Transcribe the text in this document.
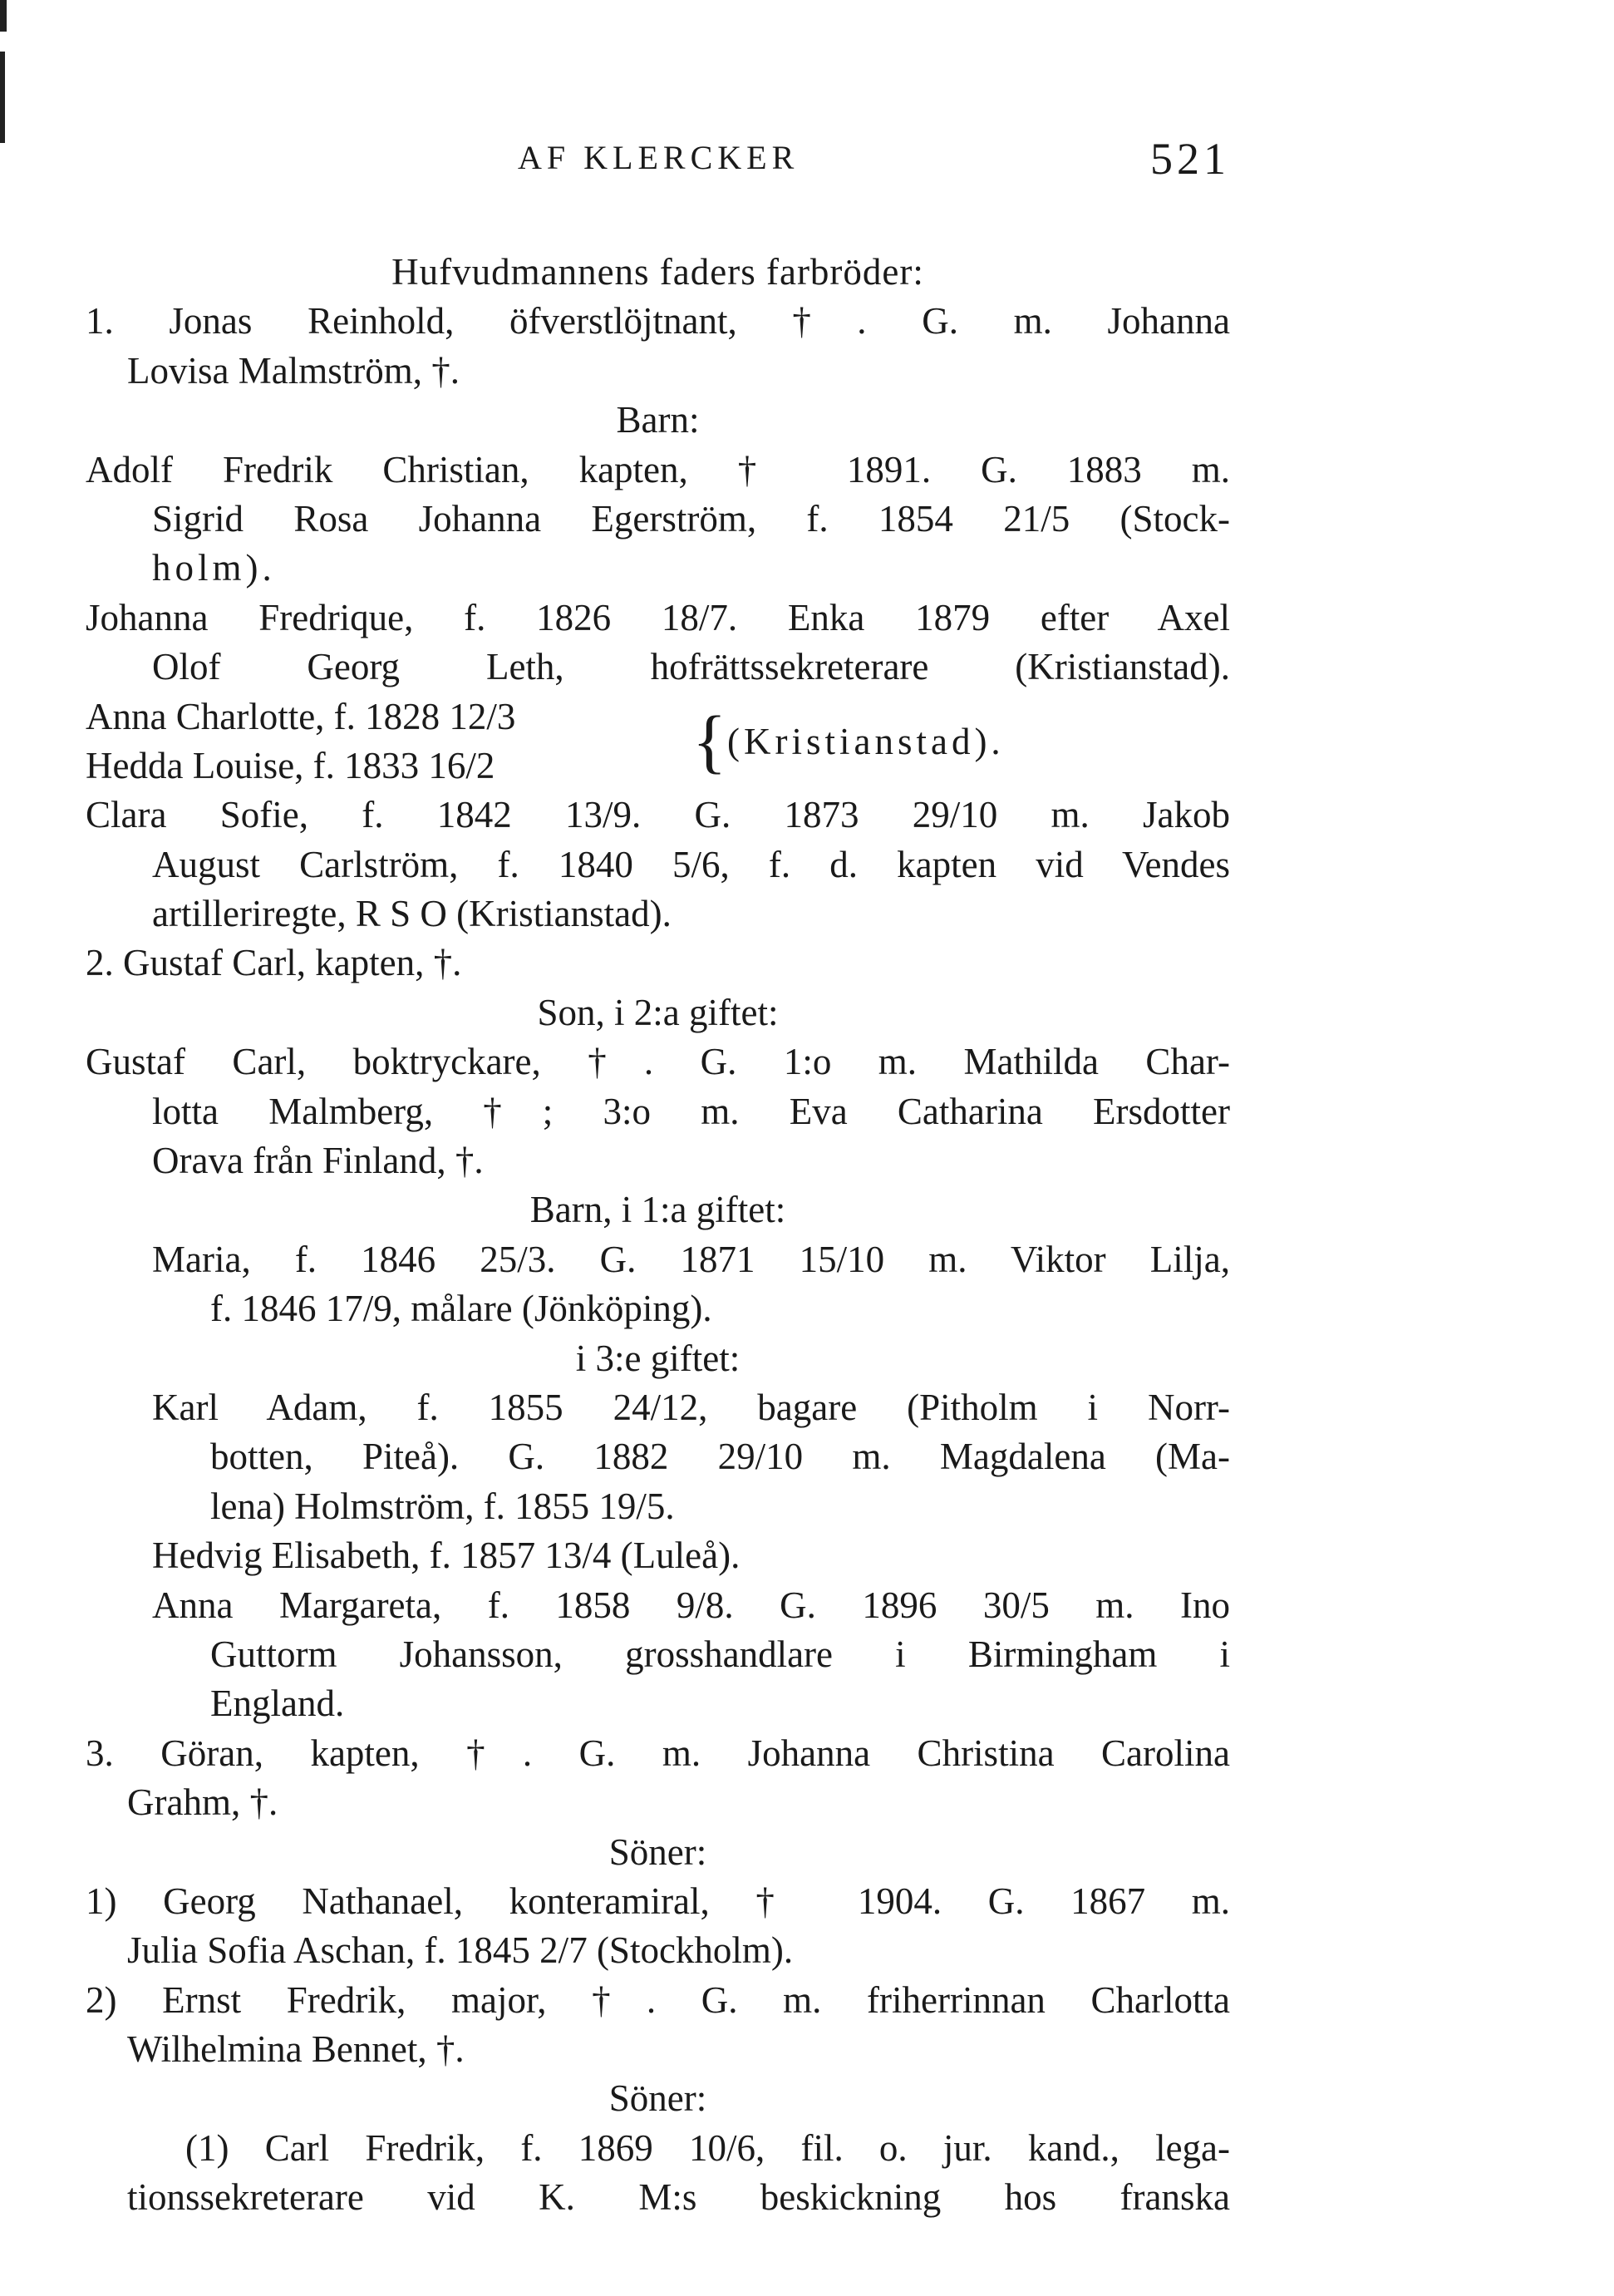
AF KLERCKER	521
Hufvudmannens faders farbröder:
1. Jonas Reinhold, öfverstlöjtnant, †. G. m. Johanna
Lovisa Malmström, †.
Barn:
Adolf Fredrik Christian, kapten, † 1891. G. 1883 m.
Sigrid Rosa Johanna Egerström, f. 1854 21/5 (Stock-
holm).
Johanna Fredrique, f. 1826 18/7. Enka 1879 efter Axel
Olof Georg Leth, hofrättssekreterare (Kristianstad).
Anna Charlotte, f. 1828 12/3
Hedda Louise, f. 1833 16/2	{ (Kristianstad).
Clara Sofie, f. 1842 13/9. G. 1873 29/10 m. Jakob
August Carlström, f. 1840 5/6, f. d. kapten vid Vendes
artilleriregte, R S O (Kristianstad).
2. Gustaf Carl, kapten, †.
Son, i 2:a giftet:
Gustaf Carl, boktryckare, †. G. 1:o m. Mathilda Char-
lotta Malmberg, †; 3:o m. Eva Catharina Ersdotter
Orava från Finland, †.
Barn, i 1:a giftet:
Maria, f. 1846 25/3. G. 1871 15/10 m. Viktor Lilja,
f. 1846 17/9, målare (Jönköping).
i 3:e giftet:
Karl Adam, f. 1855 24/12, bagare (Pitholm i Norr-
botten, Piteå). G. 1882 29/10 m. Magdalena (Ma-
lena) Holmström, f. 1855 19/5.
Hedvig Elisabeth, f. 1857 13/4 (Luleå).
Anna Margareta, f. 1858 9/8. G. 1896 30/5 m. Ino
Guttorm Johansson, grosshandlare i Birmingham i
England.
3. Göran, kapten, †. G. m. Johanna Christina Carolina
Grahm, †.
Söner:
1) Georg Nathanael, konteramiral, † 1904. G. 1867 m.
Julia Sofia Aschan, f. 1845 2/7 (Stockholm).
2) Ernst Fredrik, major, †. G. m. friherrinnan Charlotta
Wilhelmina Bennet, †.
Söner:
(1) Carl Fredrik, f. 1869 10/6, fil. o. jur. kand., lega-
tionssekreterare vid K. M:s beskickning hos franska
